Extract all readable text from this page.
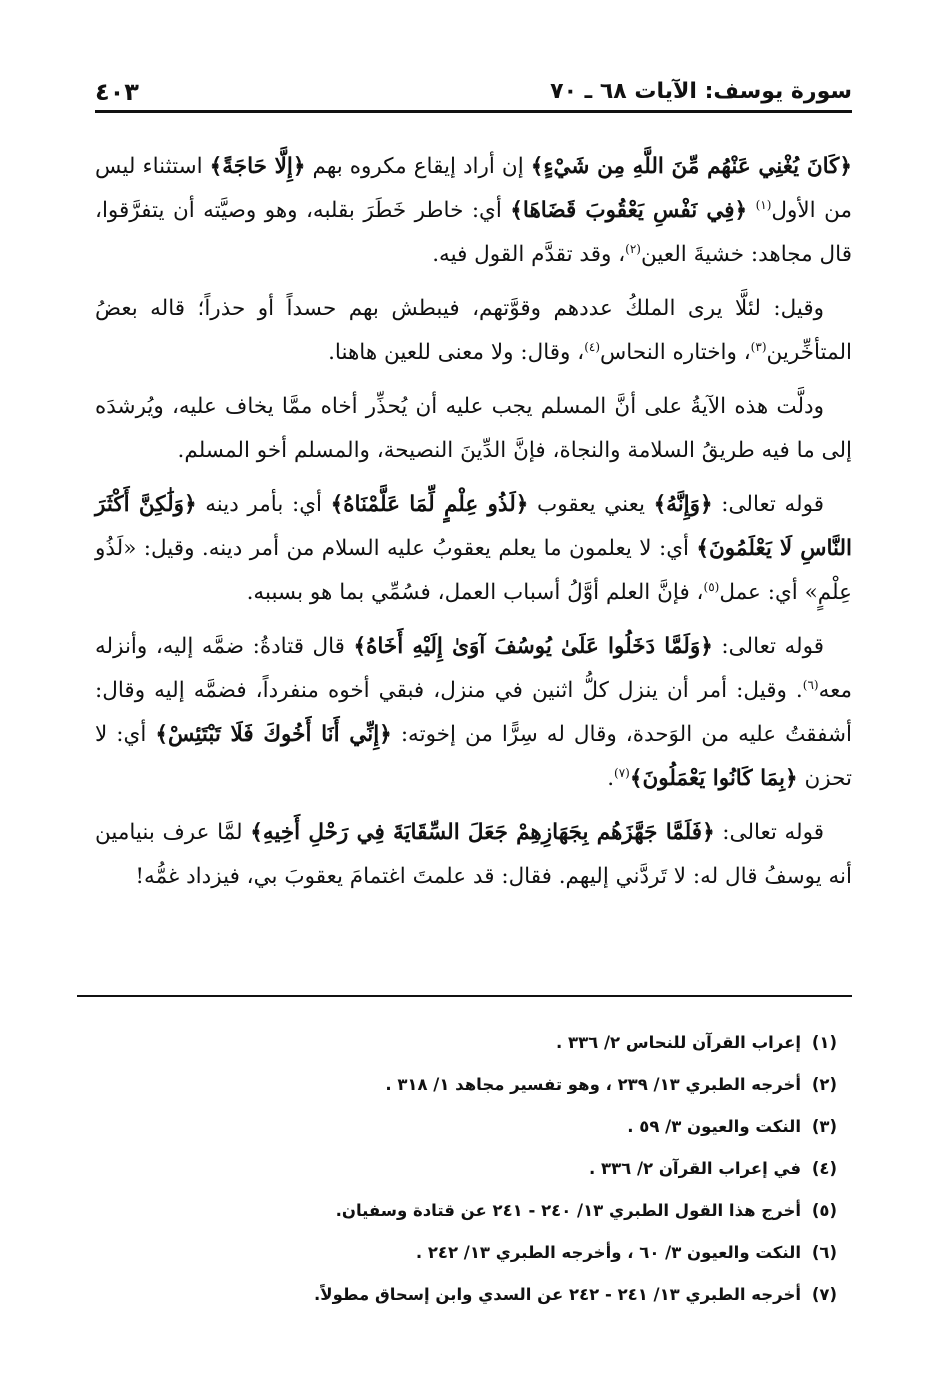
سورة يوسف: الآيات ٦٨ ـ ٧٠
٤٠٣

﴿كَانَ يُغْنِي عَنْهُم مِّنَ اللَّهِ مِن شَيْءٍ﴾ إن أراد إيقاع مكروه بهم ﴿إِلَّا حَاجَةً﴾ استثناء ليس من الأول$^{(١)}$ ﴿فِي نَفْسِ يَعْقُوبَ قَضَاهَا﴾ أي: خاطر خَطَرَ بقلبه، وهو وصيَّته أن يتفرَّقوا، قال مجاهد: خشيةَ العين$^{(٢)}$، وقد تقدَّم القول فيه.

وقيل: لئلَّا يرى الملكُ عددهم وقوَّتهم، فيبطش بهم حسداً أو حذراً؛ قاله بعضُ المتأخِّرين$^{(٣)}$، واختاره النحاس$^{(٤)}$، وقال: ولا معنى للعين هاهنا.

ودلَّت هذه الآيةُ على أنَّ المسلم يجب عليه أن يُحذِّر أخاه ممَّا يخاف عليه، ويُرشدَه إلى ما فيه طريقُ السلامة والنجاة، فإنَّ الدِّينَ النصيحة، والمسلم أخو المسلم.

قوله تعالى: ﴿وَإِنَّهُ﴾ يعني يعقوب ﴿لَذُو عِلْمٍ لِّمَا عَلَّمْنَاهُ﴾ أي: بأمر دينه ﴿وَلَٰكِنَّ أَكْثَرَ النَّاسِ لَا يَعْلَمُونَ﴾ أي: لا يعلمون ما يعلم يعقوبُ عليه السلام من أمر دينه. وقيل: «لَذُو عِلْمٍ» أي: عمل$^{(٥)}$، فإنَّ العلم أوَّلُ أسباب العمل، فسُمِّي بما هو بسببه.

قوله تعالى: ﴿وَلَمَّا دَخَلُوا عَلَىٰ يُوسُفَ آوَىٰ إِلَيْهِ أَخَاهُ﴾ قال قتادةُ: ضمَّه إليه، وأنزله معه$^{(٦)}$. وقيل: أمر أن ينزل كلُّ اثنين في منزل، فبقي أخوه منفرداً، فضمَّه إليه وقال: أشفقتُ عليه من الوَحدة، وقال له سِرًّا من إخوته: ﴿إِنِّي أَنَا أَخُوكَ فَلَا تَبْتَئِسْ﴾ أي: لا تحزن ﴿بِمَا كَانُوا يَعْمَلُونَ﴾$^{(٧)}$.

قوله تعالى: ﴿فَلَمَّا جَهَّزَهُم بِجَهَازِهِمْ جَعَلَ السِّقَايَةَ فِي رَحْلِ أَخِيهِ﴾ لمَّا عرف بنيامين أنه يوسفُ قال له: لا تَردَّني إليهم. فقال: قد علمتَ اغتمامَ يعقوبَ بي، فيزداد غمُّه!

(١)
إعراب القرآن للنحاس ٢/ ٣٣٦ .
(٢)
أخرجه الطبري ١٣/ ٢٣٩ ، وهو تفسير مجاهد ١/ ٣١٨ .
(٣)
النكت والعيون ٣/ ٥٩ .
(٤)
في إعراب القرآن ٢/ ٣٣٦ .
(٥)
أخرج هذا القول الطبري ١٣/ ٢٤٠ - ٢٤١ عن قتادة وسفيان.
(٦)
النكت والعيون ٣/ ٦٠ ، وأخرجه الطبري ١٣/ ٢٤٢ .
(٧)
أخرجه الطبري ١٣/ ٢٤١ - ٢٤٢ عن السدي وابن إسحاق مطولاً.
